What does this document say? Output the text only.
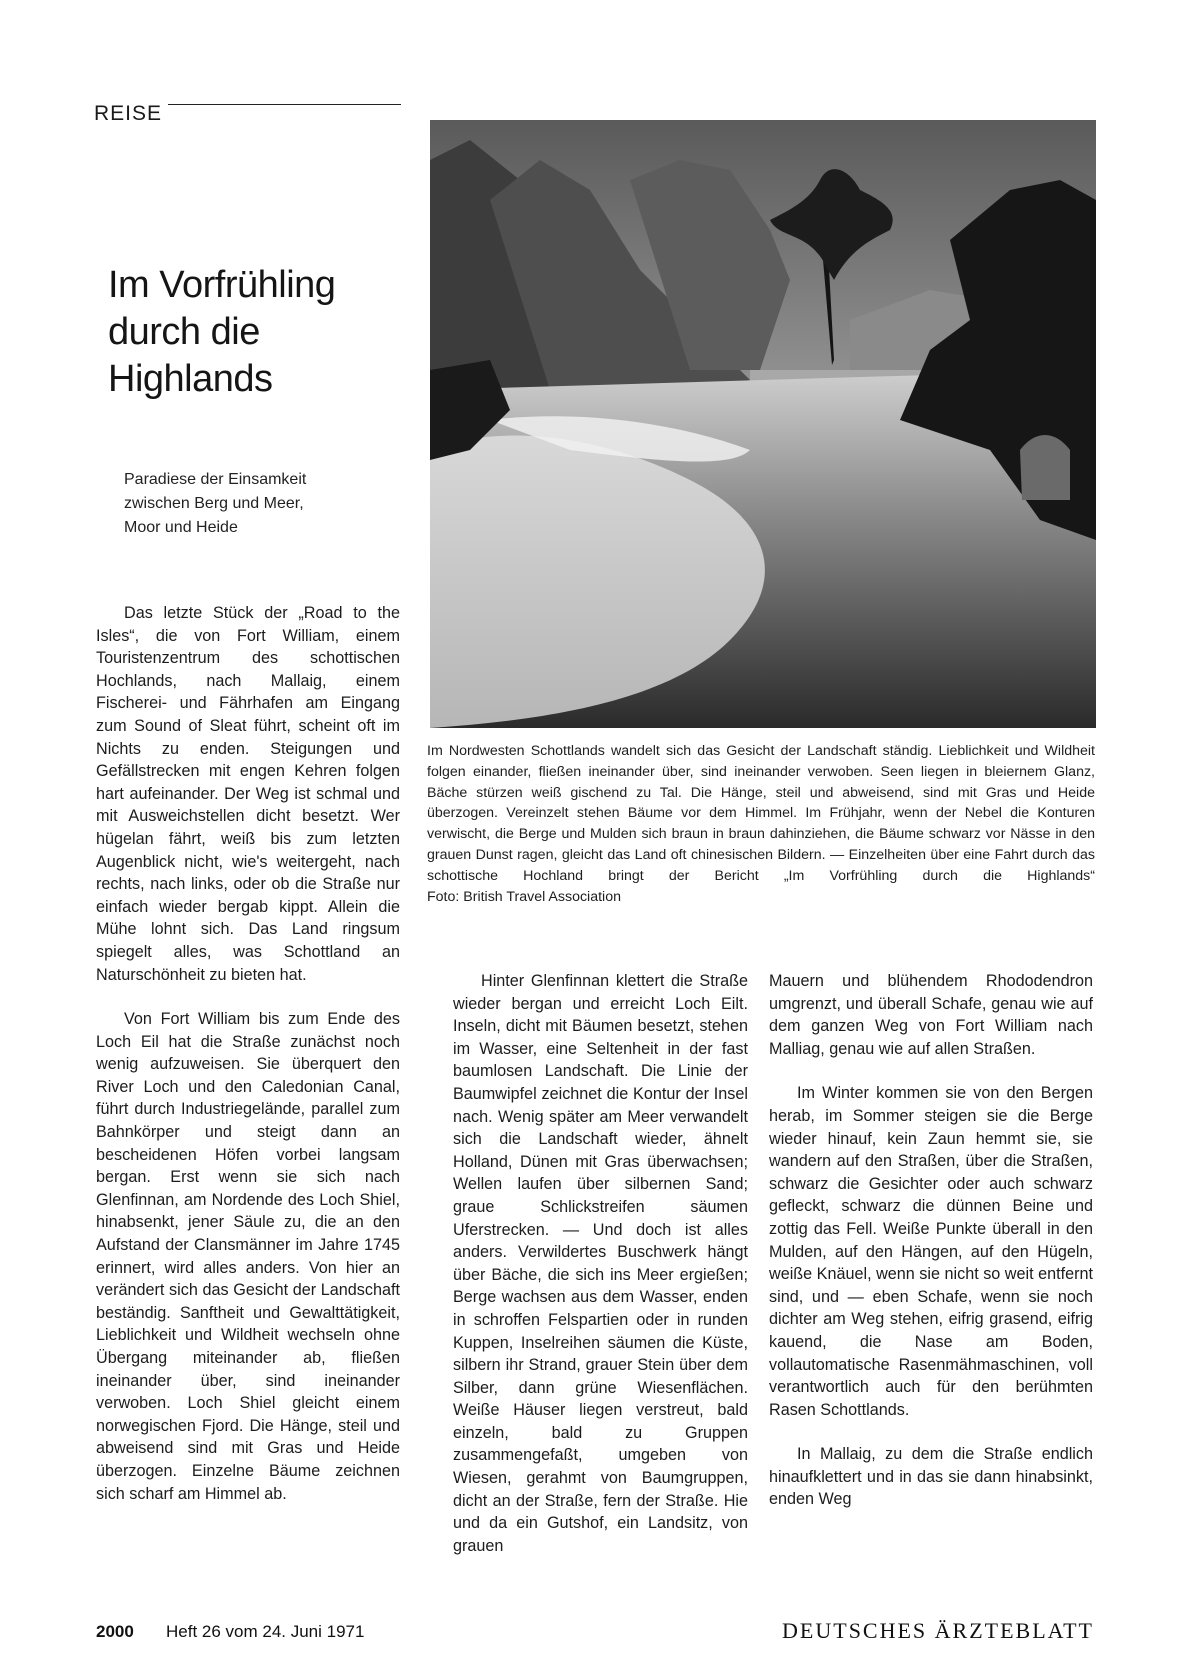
REISE
Im Vorfrühling
durch die
Highlands

Paradiese der Einsamkeit
zwischen Berg und Meer,
Moor und Heide

Das letzte Stück der „Road to the Isles“, die von Fort William, einem Touristenzentrum des schottischen Hochlands, nach Mallaig, einem Fischerei- und Fährhafen am Eingang zum Sound of Sleat führt, scheint oft im Nichts zu enden. Steigungen und Gefällstrecken mit engen Kehren folgen hart aufeinander. Der Weg ist schmal und mit Ausweichstellen dicht besetzt. Wer hügelan fährt, weiß bis zum letzten Augenblick nicht, wie's weitergeht, nach rechts, nach links, oder ob die Straße nur einfach wieder bergab kippt. Allein die Mühe lohnt sich. Das Land ringsum spiegelt alles, was Schottland an Naturschönheit zu bieten hat.

Von Fort William bis zum Ende des Loch Eil hat die Straße zunächst noch wenig aufzuweisen. Sie überquert den River Loch und den Caledonian Canal, führt durch Industriegelände, parallel zum Bahnkörper und steigt dann an bescheidenen Höfen vorbei langsam bergan. Erst wenn sie sich nach Glenfinnan, am Nordende des Loch Shiel, hinabsenkt, jener Säule zu, die an den Aufstand der Clansmänner im Jahre 1745 erinnert, wird alles anders. Von hier an verändert sich das Gesicht der Landschaft beständig. Sanftheit und Gewalttätigkeit, Lieblichkeit und Wildheit wechseln ohne Übergang miteinander ab, fließen ineinander über, sind ineinander verwoben. Loch Shiel gleicht einem norwegischen Fjord. Die Hänge, steil und abweisend sind mit Gras und Heide überzogen. Einzelne Bäume zeichnen sich scharf am Himmel ab.

Im Nordwesten Schottlands wandelt sich das Gesicht der Landschaft ständig. Lieblichkeit und Wildheit folgen einander, fließen ineinander über, sind ineinander verwoben. Seen liegen in bleiernem Glanz, Bäche stürzen weiß gischend zu Tal. Die Hänge, steil und abweisend, sind mit Gras und Heide überzogen. Vereinzelt stehen Bäume vor dem Himmel. Im Frühjahr, wenn der Nebel die Konturen verwischt, die Berge und Mulden sich braun in braun dahinziehen, die Bäume schwarz vor Nässe in den grauen Dunst ragen, gleicht das Land oft chinesischen Bildern. — Einzelheiten über eine Fahrt durch das schottische Hochland bringt der Bericht „Im Vorfrühling durch die Highlands“ Foto: British Travel Association

Hinter Glenfinnan klettert die Straße wieder bergan und erreicht Loch Eilt. Inseln, dicht mit Bäumen besetzt, stehen im Wasser, eine Seltenheit in der fast baumlosen Landschaft. Die Linie der Baumwipfel zeichnet die Kontur der Insel nach. Wenig später am Meer verwandelt sich die Landschaft wieder, ähnelt Holland, Dünen mit Gras überwachsen; Wellen laufen über silbernen Sand; graue Schlickstreifen säumen Uferstrecken. — Und doch ist alles anders. Verwildertes Buschwerk hängt über Bäche, die sich ins Meer ergießen; Berge wachsen aus dem Wasser, enden in schroffen Felspartien oder in runden Kuppen, Inselreihen säumen die Küste, silbern ihr Strand, grauer Stein über dem Silber, dann grüne Wiesenflächen. Weiße Häuser liegen verstreut, bald einzeln, bald zu Gruppen zusammengefaßt, umgeben von Wiesen, gerahmt von Baumgruppen, dicht an der Straße, fern der Straße. Hie und da ein Gutshof, ein Landsitz, von grauen

Mauern und blühendem Rhododendron umgrenzt, und überall Schafe, genau wie auf dem ganzen Weg von Fort William nach Malliag, genau wie auf allen Straßen.

Im Winter kommen sie von den Bergen herab, im Sommer steigen sie die Berge wieder hinauf, kein Zaun hemmt sie, sie wandern auf den Straßen, über die Straßen, schwarz die Gesichter oder auch schwarz gefleckt, schwarz die dünnen Beine und zottig das Fell. Weiße Punkte überall in den Mulden, auf den Hängen, auf den Hügeln, weiße Knäuel, wenn sie nicht so weit entfernt sind, und — eben Schafe, wenn sie noch dichter am Weg stehen, eifrig grasend, eifrig kauend, die Nase am Boden, vollautomatische Rasenmähmaschinen, voll verantwortlich auch für den berühmten Rasen Schottlands.

In Mallaig, zu dem die Straße endlich hinaufklettert und in das sie dann hinabsinkt, enden Weg

2000 Heft 26 vom 24. Juni 1971	DEUTSCHES ÄRZTEBLATT
